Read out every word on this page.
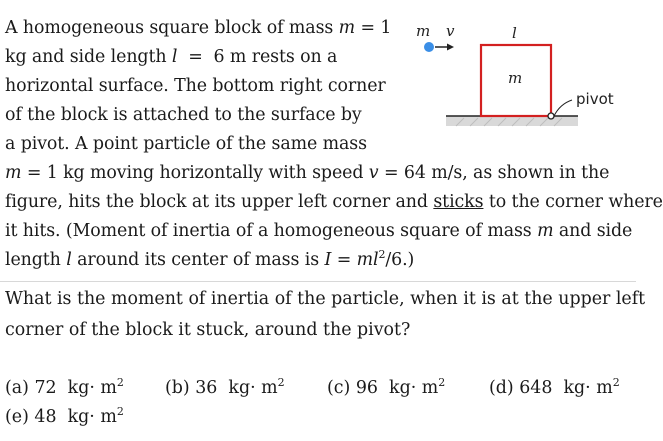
A homogeneous square block of mass m = 1
kg and side length l  =  6 m rests on a
horizontal surface. The bottom right corner
of the block is attached to the surface by
a pivot. A point particle of the same mass
m = 1 kg moving horizontally with speed v = 64 m/s, as shown in the
figure, hits the block at its upper left corner and sticks to the corner where
it hits. (Moment of inertia of a homogeneous square of mass m and side
length l around its center of mass is $I = ml^2/6$.)
What is the moment of inertia of the particle, when it is at the upper left
corner of the block it stuck, around the pivot?
(a) 72  $kg\cdot m^2$ (b) 36  $kg\cdot m^2$ (c) 96  $kg\cdot m^2$	(d) 648  $kg\cdot m^2$
(e) 48  $kg\cdot m^2$
m
l
m v
pivot
